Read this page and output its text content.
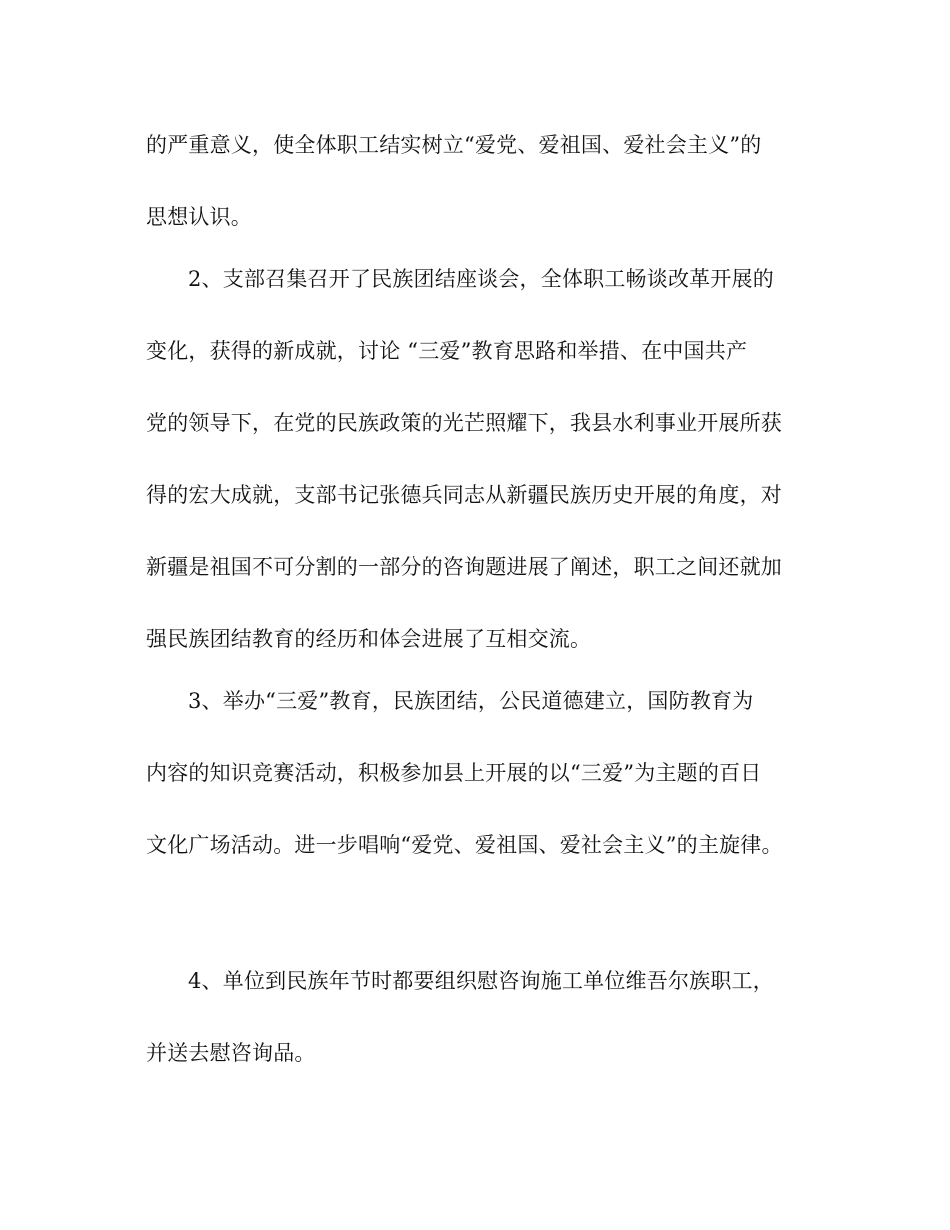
的严重意义，使全体职工结实树立“爱党、爱祖国、爱社会主义”的
思想认识。
2、支部召集召开了民族团结座谈会，全体职工畅谈改革开展的
变化，获得的新成就，讨论 “三爱”教育思路和举措、在中国共产
党的领导下，在党的民族政策的光芒照耀下，我县水利事业开展所获
得的宏大成就，支部书记张德兵同志从新疆民族历史开展的角度，对
新疆是祖国不可分割的一部分的咨询题进展了阐述，职工之间还就加
强民族团结教育的经历和体会进展了互相交流。
3、举办“三爱”教育，民族团结，公民道德建立，国防教育为
内容的知识竞赛活动，积极参加县上开展的以“三爱”为主题的百日
文化广场活动。进一步唱响“爱党、爱祖国、爱社会主义”的主旋律。
4、单位到民族年节时都要组织慰咨询施工单位维吾尔族职工，
并送去慰咨询品。
